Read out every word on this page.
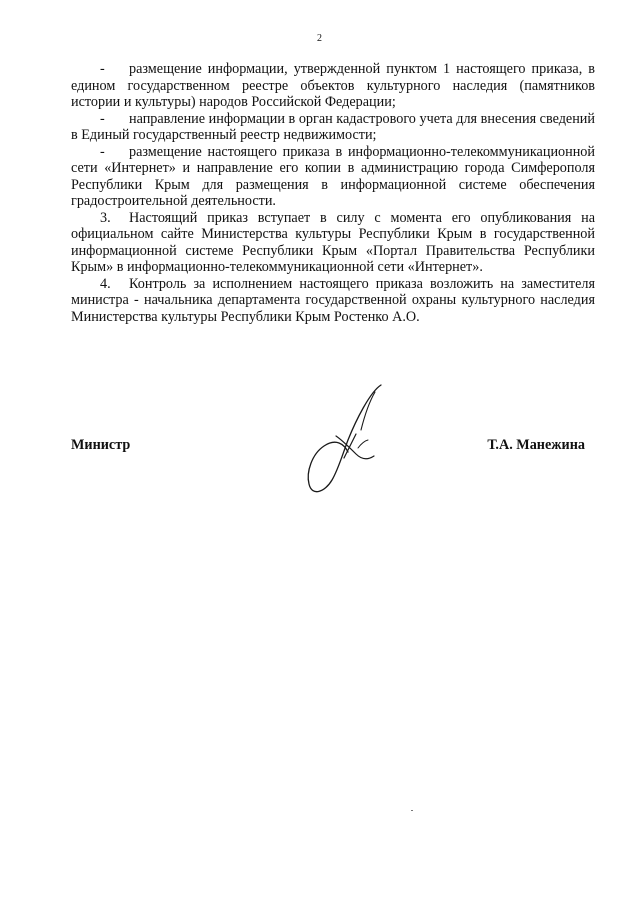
2

- размещение информации, утвержденной пунктом 1 настоящего приказа, в едином государственном реестре объектов культурного наследия (памятников истории и культуры) народов Российской Федерации;

- направление информации в орган кадастрового учета для внесения сведений в Единый государственный реестр недвижимости;

- размещение настоящего приказа в информационно-телекоммуникационной сети «Интернет» и направление его копии в администрацию города Симферополя Республики Крым для размещения в информационной системе обеспечения градостроительной деятельности.

3. Настоящий приказ вступает в силу с момента его опубликования на официальном сайте Министерства культуры Республики Крым в государственной информационной системе Республики Крым «Портал Правительства Республики Крым» в информационно-телекоммуникационной сети «Интернет».

4. Контроль за исполнением настоящего приказа возложить на заместителя министра - начальника департамента государственной охраны культурного наследия Министерства культуры Республики Крым Ростенко А.О.

Министр	Т.А. Манежина
